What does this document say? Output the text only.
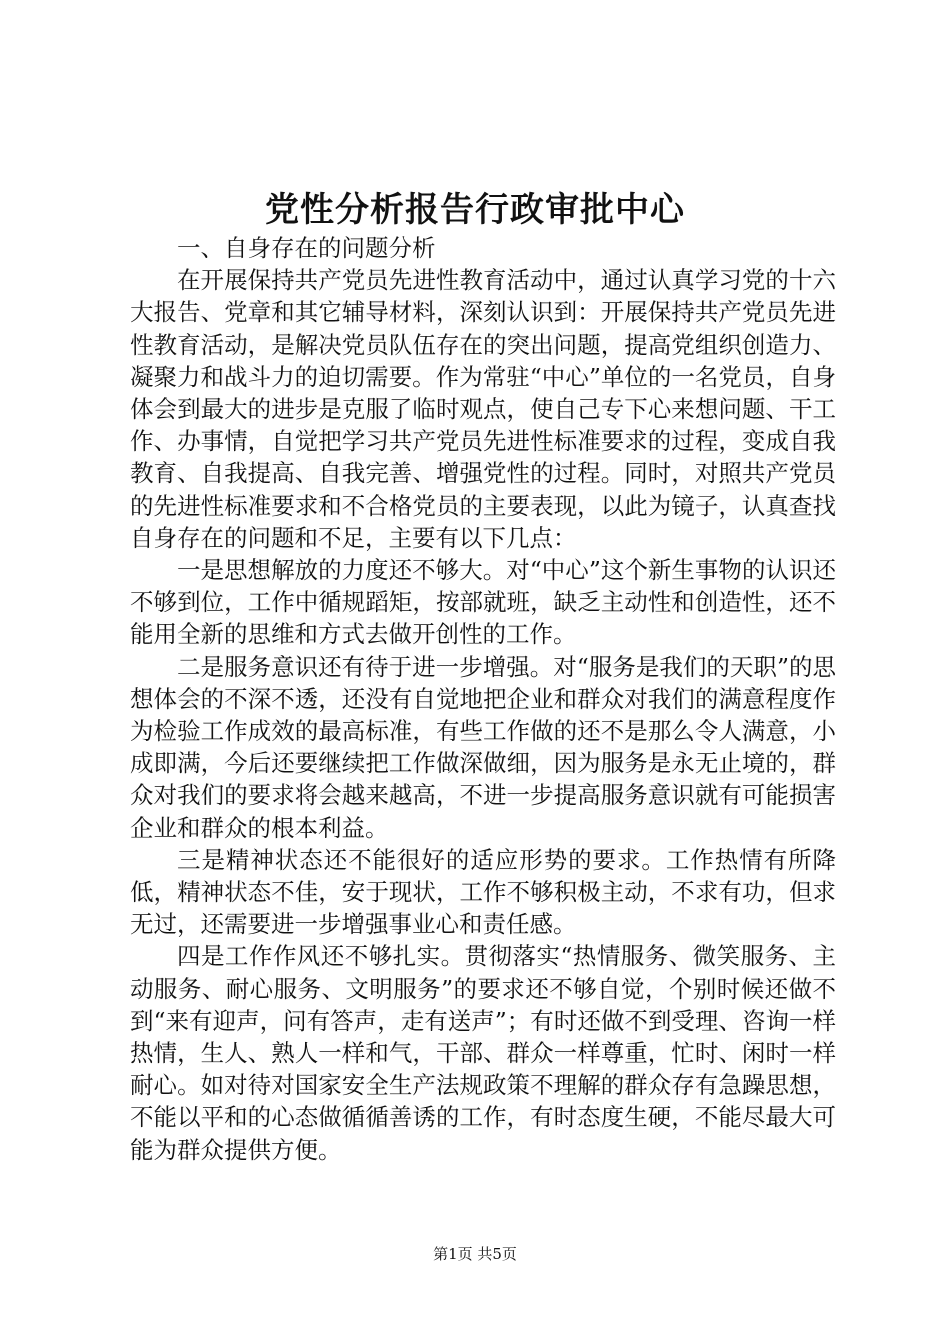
党性分析报告行政审批中心

一、自身存在的问题分析

在开展保持共产党员先进性教育活动中，通过认真学习党的十六大报告、党章和其它辅导材料，深刻认识到：开展保持共产党员先进性教育活动，是解决党员队伍存在的突出问题，提高党组织创造力、凝聚力和战斗力的迫切需要。作为常驻“中心”单位的一名党员，自身体会到最大的进步是克服了临时观点，使自己专下心来想问题、干工作、办事情，自觉把学习共产党员先进性标准要求的过程，变成自我教育、自我提高、自我完善、增强党性的过程。同时，对照共产党员的先进性标准要求和不合格党员的主要表现，以此为镜子，认真查找自身存在的问题和不足，主要有以下几点：

一是思想解放的力度还不够大。对“中心”这个新生事物的认识还不够到位，工作中循规蹈矩，按部就班，缺乏主动性和创造性，还不能用全新的思维和方式去做开创性的工作。

二是服务意识还有待于进一步增强。对“服务是我们的天职”的思想体会的不深不透，还没有自觉地把企业和群众对我们的满意程度作为检验工作成效的最高标准，有些工作做的还不是那么令人满意，小成即满，今后还要继续把工作做深做细，因为服务是永无止境的，群众对我们的要求将会越来越高，不进一步提高服务意识就有可能损害企业和群众的根本利益。

三是精神状态还不能很好的适应形势的要求。工作热情有所降低，精神状态不佳，安于现状，工作不够积极主动，不求有功，但求无过，还需要进一步增强事业心和责任感。

四是工作作风还不够扎实。贯彻落实“热情服务、微笑服务、主动服务、耐心服务、文明服务”的要求还不够自觉，个别时候还做不到“来有迎声，问有答声，走有送声”；有时还做不到受理、咨询一样热情，生人、熟人一样和气，干部、群众一样尊重，忙时、闲时一样耐心。如对待对国家安全生产法规政策不理解的群众存有急躁思想，不能以平和的心态做循循善诱的工作，有时态度生硬，不能尽最大可能为群众提供方便。

第1页 共5页
